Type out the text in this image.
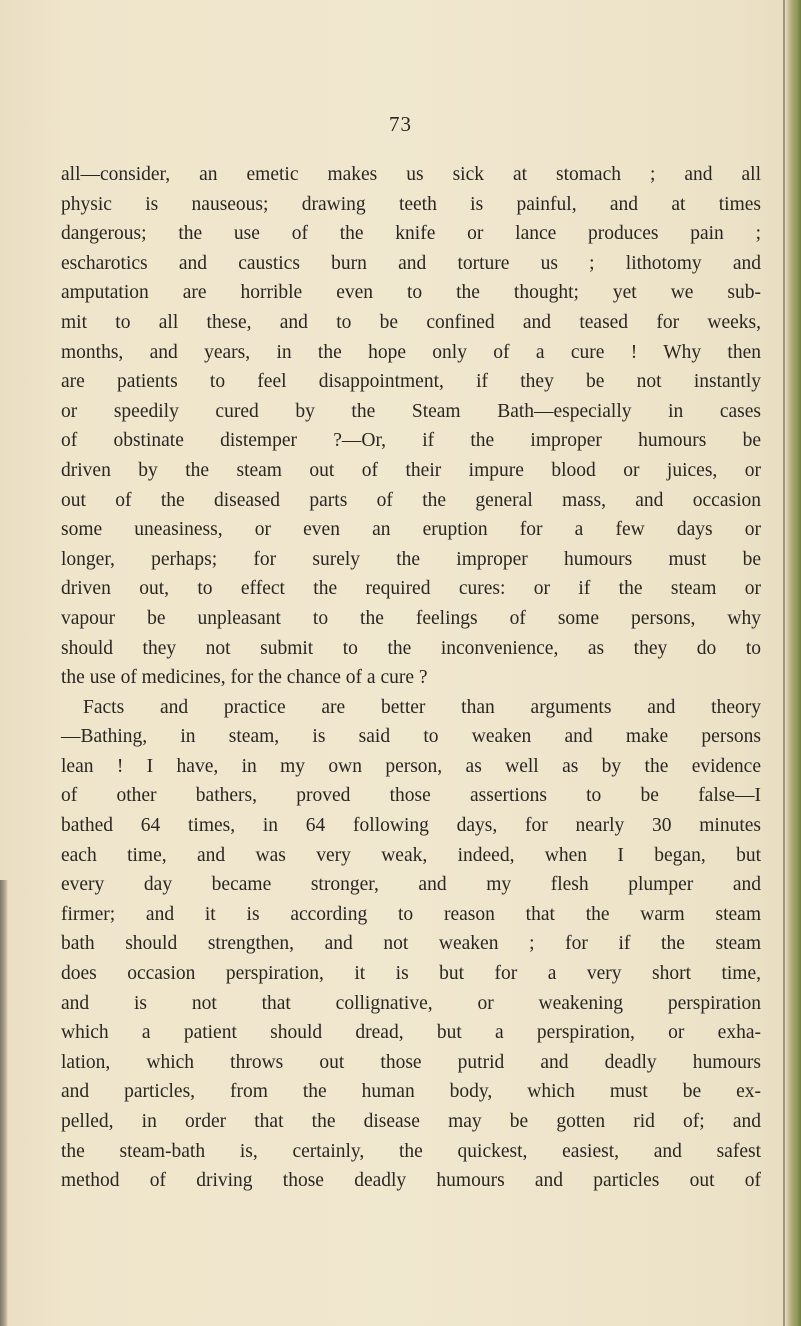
73
all—consider, an emetic makes us sick at stomach ; and all
physic is nauseous; drawing teeth is painful, and at times
dangerous; the use of the knife or lance produces pain ;
escharotics and caustics burn and torture us ; lithotomy and
amputation are horrible even to the thought; yet we sub-
mit to all these, and to be confined and teased for weeks,
months, and years, in the hope only of a cure ! Why then
are patients to feel disappointment, if they be not instantly
or speedily cured by the Steam Bath—especially in cases
of obstinate distemper ?—Or, if the improper humours be
driven by the steam out of their impure blood or juices, or
out of the diseased parts of the general mass, and occasion
some uneasiness, or even an eruption for a few days or
longer, perhaps; for surely the improper humours must be
driven out, to effect the required cures: or if the steam or
vapour be unpleasant to the feelings of some persons, why
should they not submit to the inconvenience, as they do to
the use of medicines, for the chance of a cure ?
Facts and practice are better than arguments and theory
—Bathing, in steam, is said to weaken and make persons
lean ! I have, in my own person, as well as by the evidence
of other bathers, proved those assertions to be false—I
bathed 64 times, in 64 following days, for nearly 30 minutes
each time, and was very weak, indeed, when I began, but
every day became stronger, and my flesh plumper and
firmer; and it is according to reason that the warm steam
bath should strengthen, and not weaken ; for if the steam
does occasion perspiration, it is but for a very short time,
and is not that collignative, or weakening perspiration
which a patient should dread, but a perspiration, or exha-
lation, which throws out those putrid and deadly humours
and particles, from the human body, which must be ex-
pelled, in order that the disease may be gotten rid of; and
the steam-bath is, certainly, the quickest, easiest, and safest
method of driving those deadly humours and particles out of
